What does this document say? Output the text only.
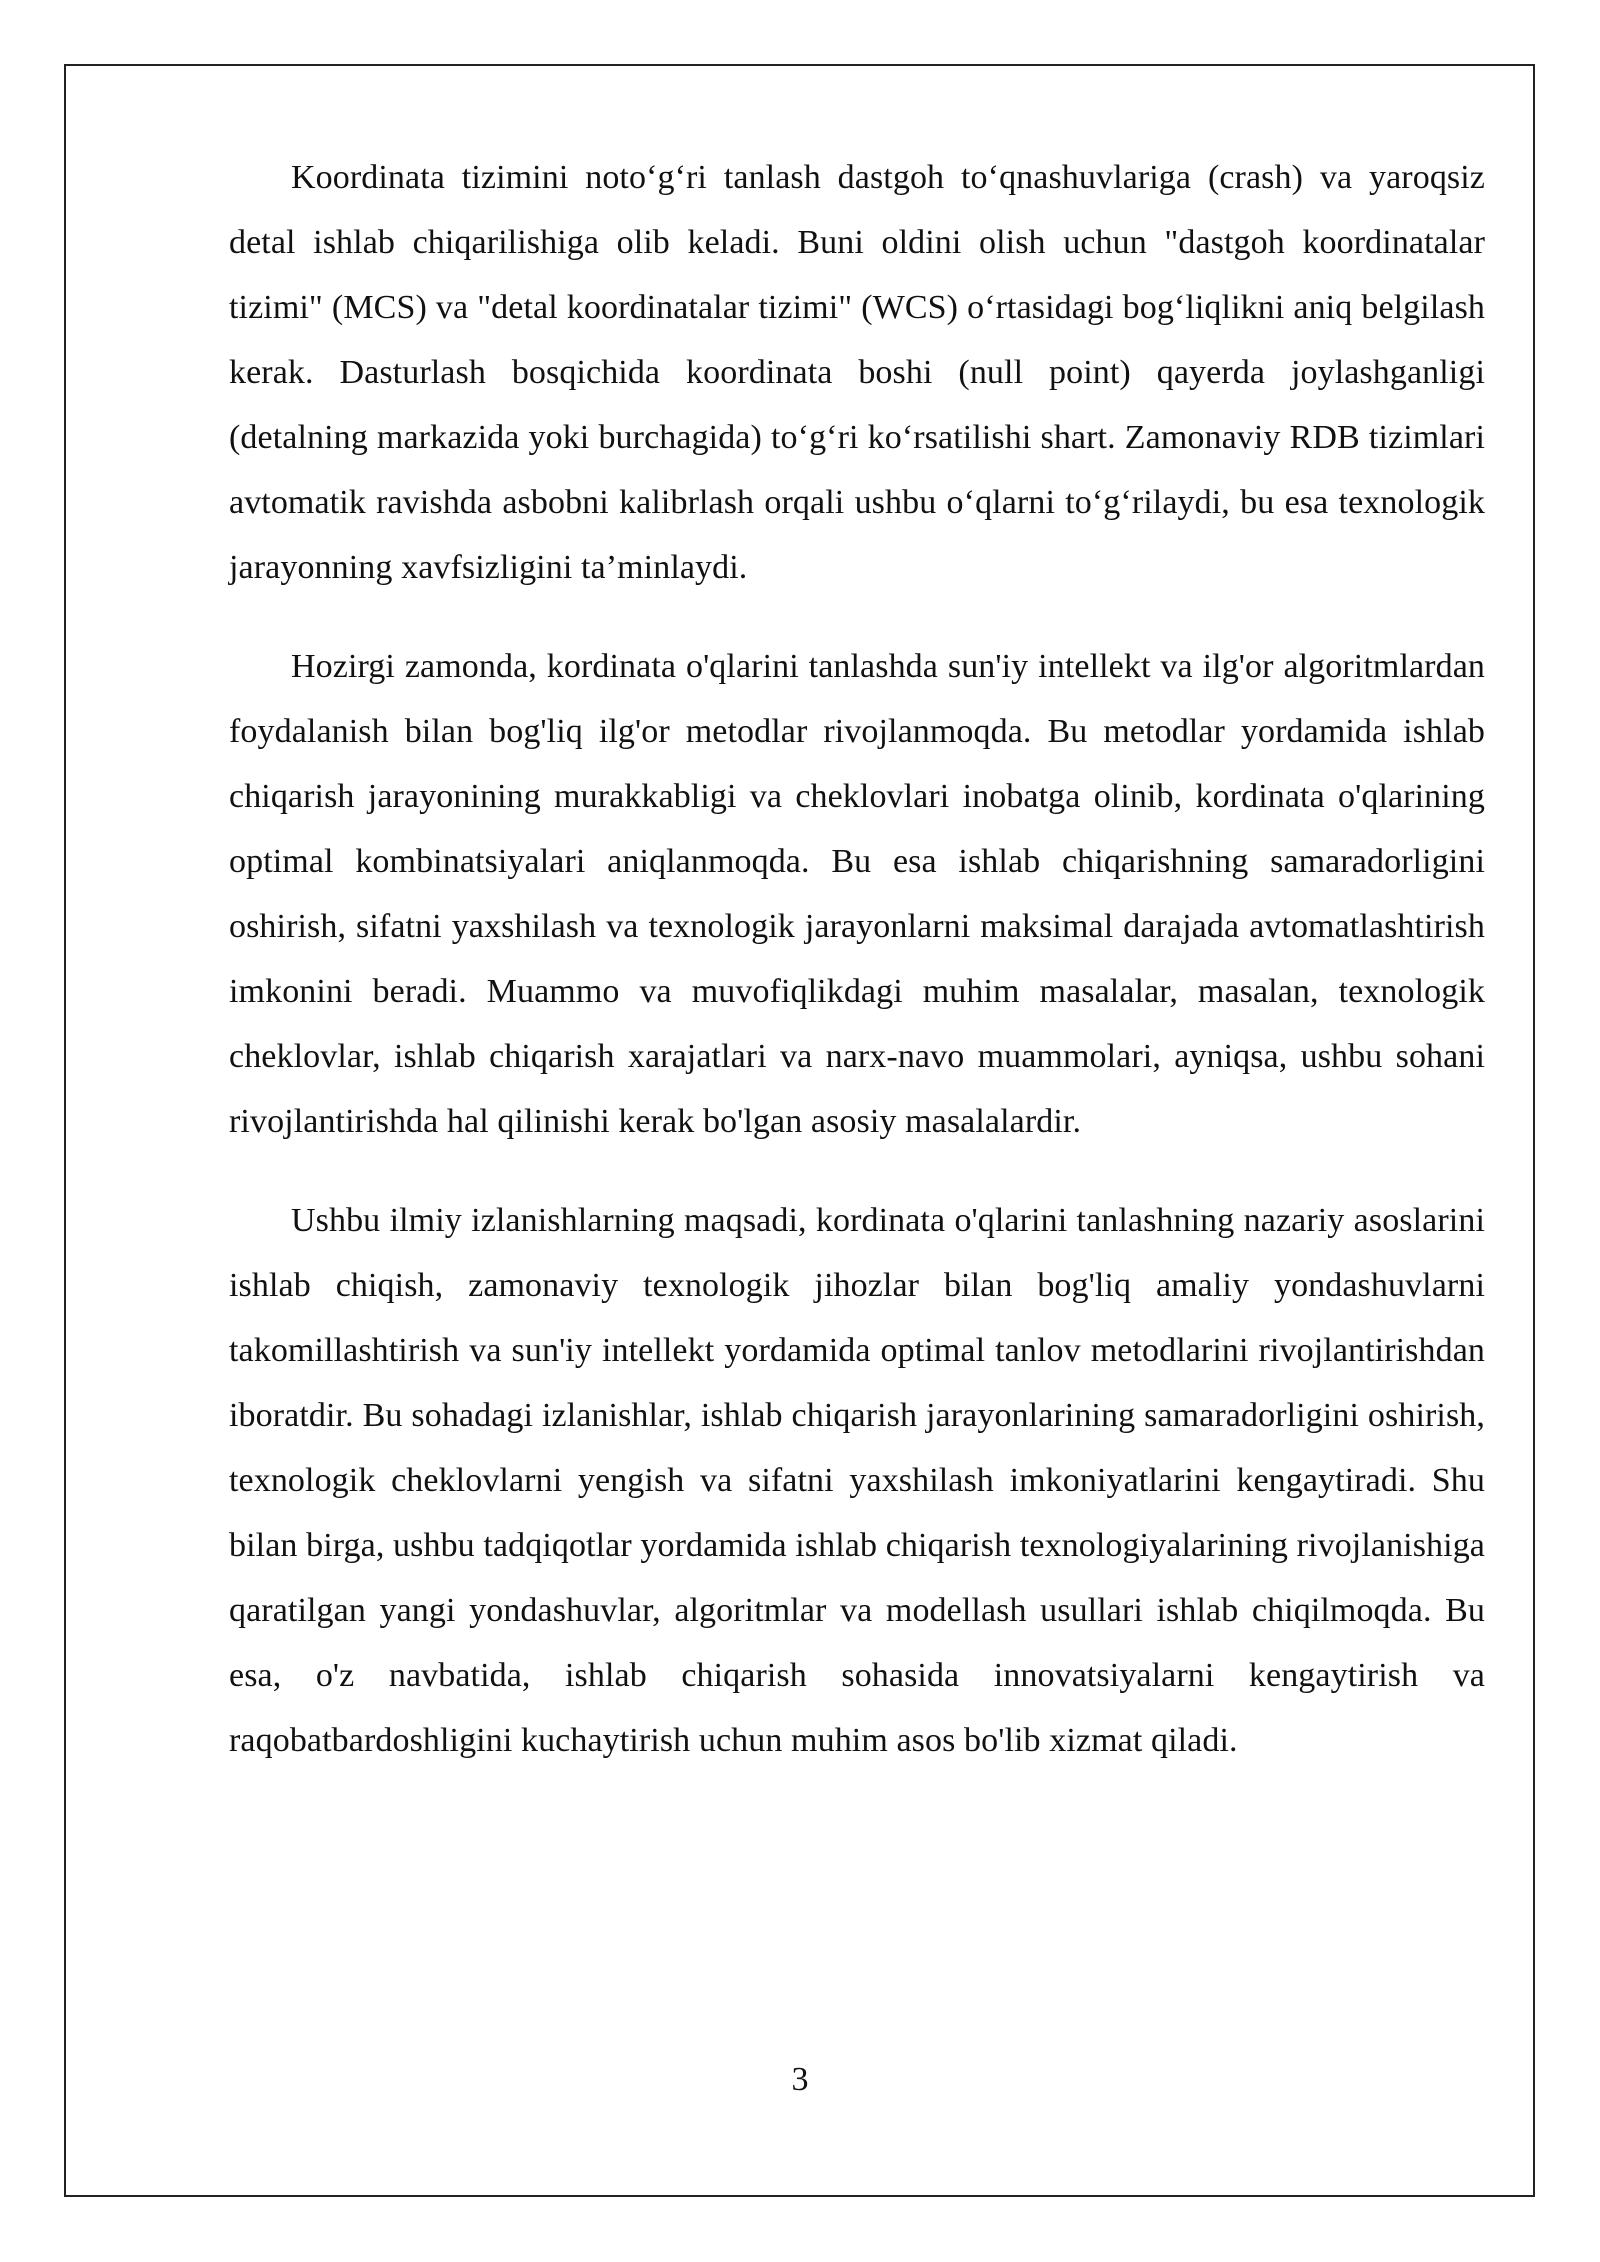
Koordinata tizimini noto‘g‘ri tanlash dastgoh to‘qnashuvlariga (crash) va yaroqsiz detal ishlab chiqarilishiga olib keladi. Buni oldini olish uchun "dastgoh koordinatalar tizimi" (MCS) va "detal koordinatalar tizimi" (WCS) o‘rtasidagi bog‘liqlikni aniq belgilash kerak. Dasturlash bosqichida koordinata boshi (null point) qayerda joylashganligi (detalning markazida yoki burchagida) to‘g‘ri ko‘rsatilishi shart. Zamonaviy RDB tizimlari avtomatik ravishda asbobni kalibrlash orqali ushbu o‘qlarni to‘g‘rilaydi, bu esa texnologik jarayonning xavfsizligini ta’minlaydi.

Hozirgi zamonda, kordinata o'qlarini tanlashda sun'iy intellekt va ilg'or algoritmlardan foydalanish bilan bog'liq ilg'or metodlar rivojlanmoqda. Bu metodlar yordamida ishlab chiqarish jarayonining murakkabligi va cheklovlari inobatga olinib, kordinata o'qlarining optimal kombinatsiyalari aniqlanmoqda. Bu esa ishlab chiqarishning samaradorligini oshirish, sifatni yaxshilash va texnologik jarayonlarni maksimal darajada avtomatlashtirish imkonini beradi. Muammo va muvofiqlikdagi muhim masalalar, masalan, texnologik cheklovlar, ishlab chiqarish xarajatlari va narx-navo muammolari, ayniqsa, ushbu sohani rivojlantirishda hal qilinishi kerak bo'lgan asosiy masalalardir.

Ushbu ilmiy izlanishlarning maqsadi, kordinata o'qlarini tanlashning nazariy asoslarini ishlab chiqish, zamonaviy texnologik jihozlar bilan bog'liq amaliy yondashuvlarni takomillashtirish va sun'iy intellekt yordamida optimal tanlov metodlarini rivojlantirishdan iboratdir. Bu sohadagi izlanishlar, ishlab chiqarish jarayonlarining samaradorligini oshirish, texnologik cheklovlarni yengish va sifatni yaxshilash imkoniyatlarini kengaytiradi. Shu bilan birga, ushbu tadqiqotlar yordamida ishlab chiqarish texnologiyalarining rivojlanishiga qaratilgan yangi yondashuvlar, algoritmlar va modellash usullari ishlab chiqilmoqda. Bu esa, o'z navbatida, ishlab chiqarish sohasida innovatsiyalarni kengaytirish va raqobatbardoshligini kuchaytirish uchun muhim asos bo'lib xizmat qiladi.

3
